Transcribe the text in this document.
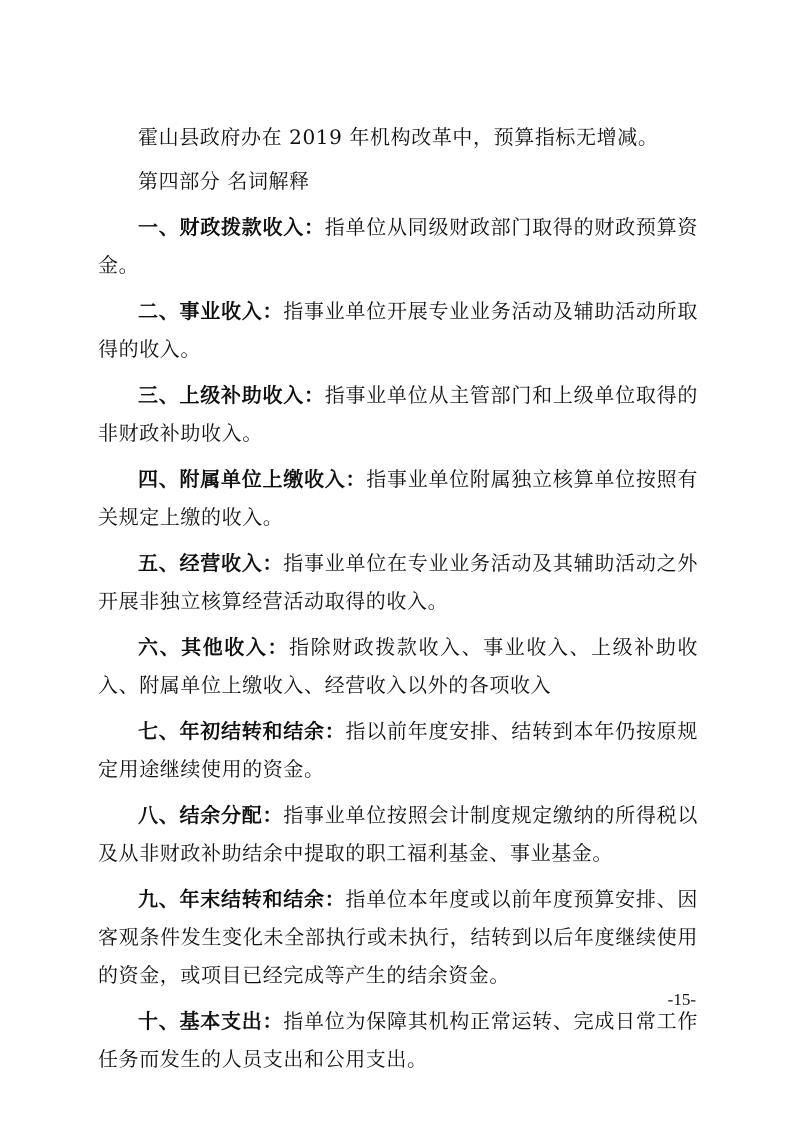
霍山县政府办在 2019 年机构改革中，预算指标无增减。

第四部分 名词解释

一、财政拨款收入：指单位从同级财政部门取得的财政预算资金。

二、事业收入：指事业单位开展专业业务活动及辅助活动所取得的收入。

三、上级补助收入：指事业单位从主管部门和上级单位取得的非财政补助收入。

四、附属单位上缴收入：指事业单位附属独立核算单位按照有关规定上缴的收入。

五、经营收入：指事业单位在专业业务活动及其辅助活动之外开展非独立核算经营活动取得的收入。

六、其他收入：指除财政拨款收入、事业收入、上级补助收入、附属单位上缴收入、经营收入以外的各项收入

七、年初结转和结余：指以前年度安排、结转到本年仍按原规定用途继续使用的资金。

八、结余分配：指事业单位按照会计制度规定缴纳的所得税以及从非财政补助结余中提取的职工福利基金、事业基金。

九、年末结转和结余：指单位本年度或以前年度预算安排、因客观条件发生变化未全部执行或未执行，结转到以后年度继续使用的资金，或项目已经完成等产生的结余资金。

十、基本支出：指单位为保障其机构正常运转、完成日常工作任务而发生的人员支出和公用支出。

-15-
